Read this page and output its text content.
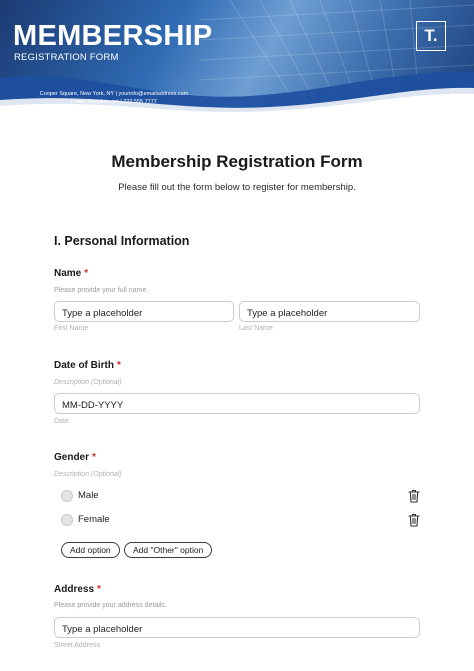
MEMBERSHIP
REGISTRATION FORM
Cooper Square, New York, NY | yourinfo@emailaddress.com
| www.Template.net | 222 555 7777
T.
Membership Registration Form
Please fill out the form below to register for membership.
I. Personal Information
Name *
Please provide your full name.
Type a placeholder	Type a placeholder
First Name	Last Name
Date of Birth *
Description (Optional)
MM-DD-YYYY
Date
Gender *
Description (Optional)
Male
Female
Add option	Add "Other" option
Address *
Please provide your address details.
Type a placeholder
Street Address
